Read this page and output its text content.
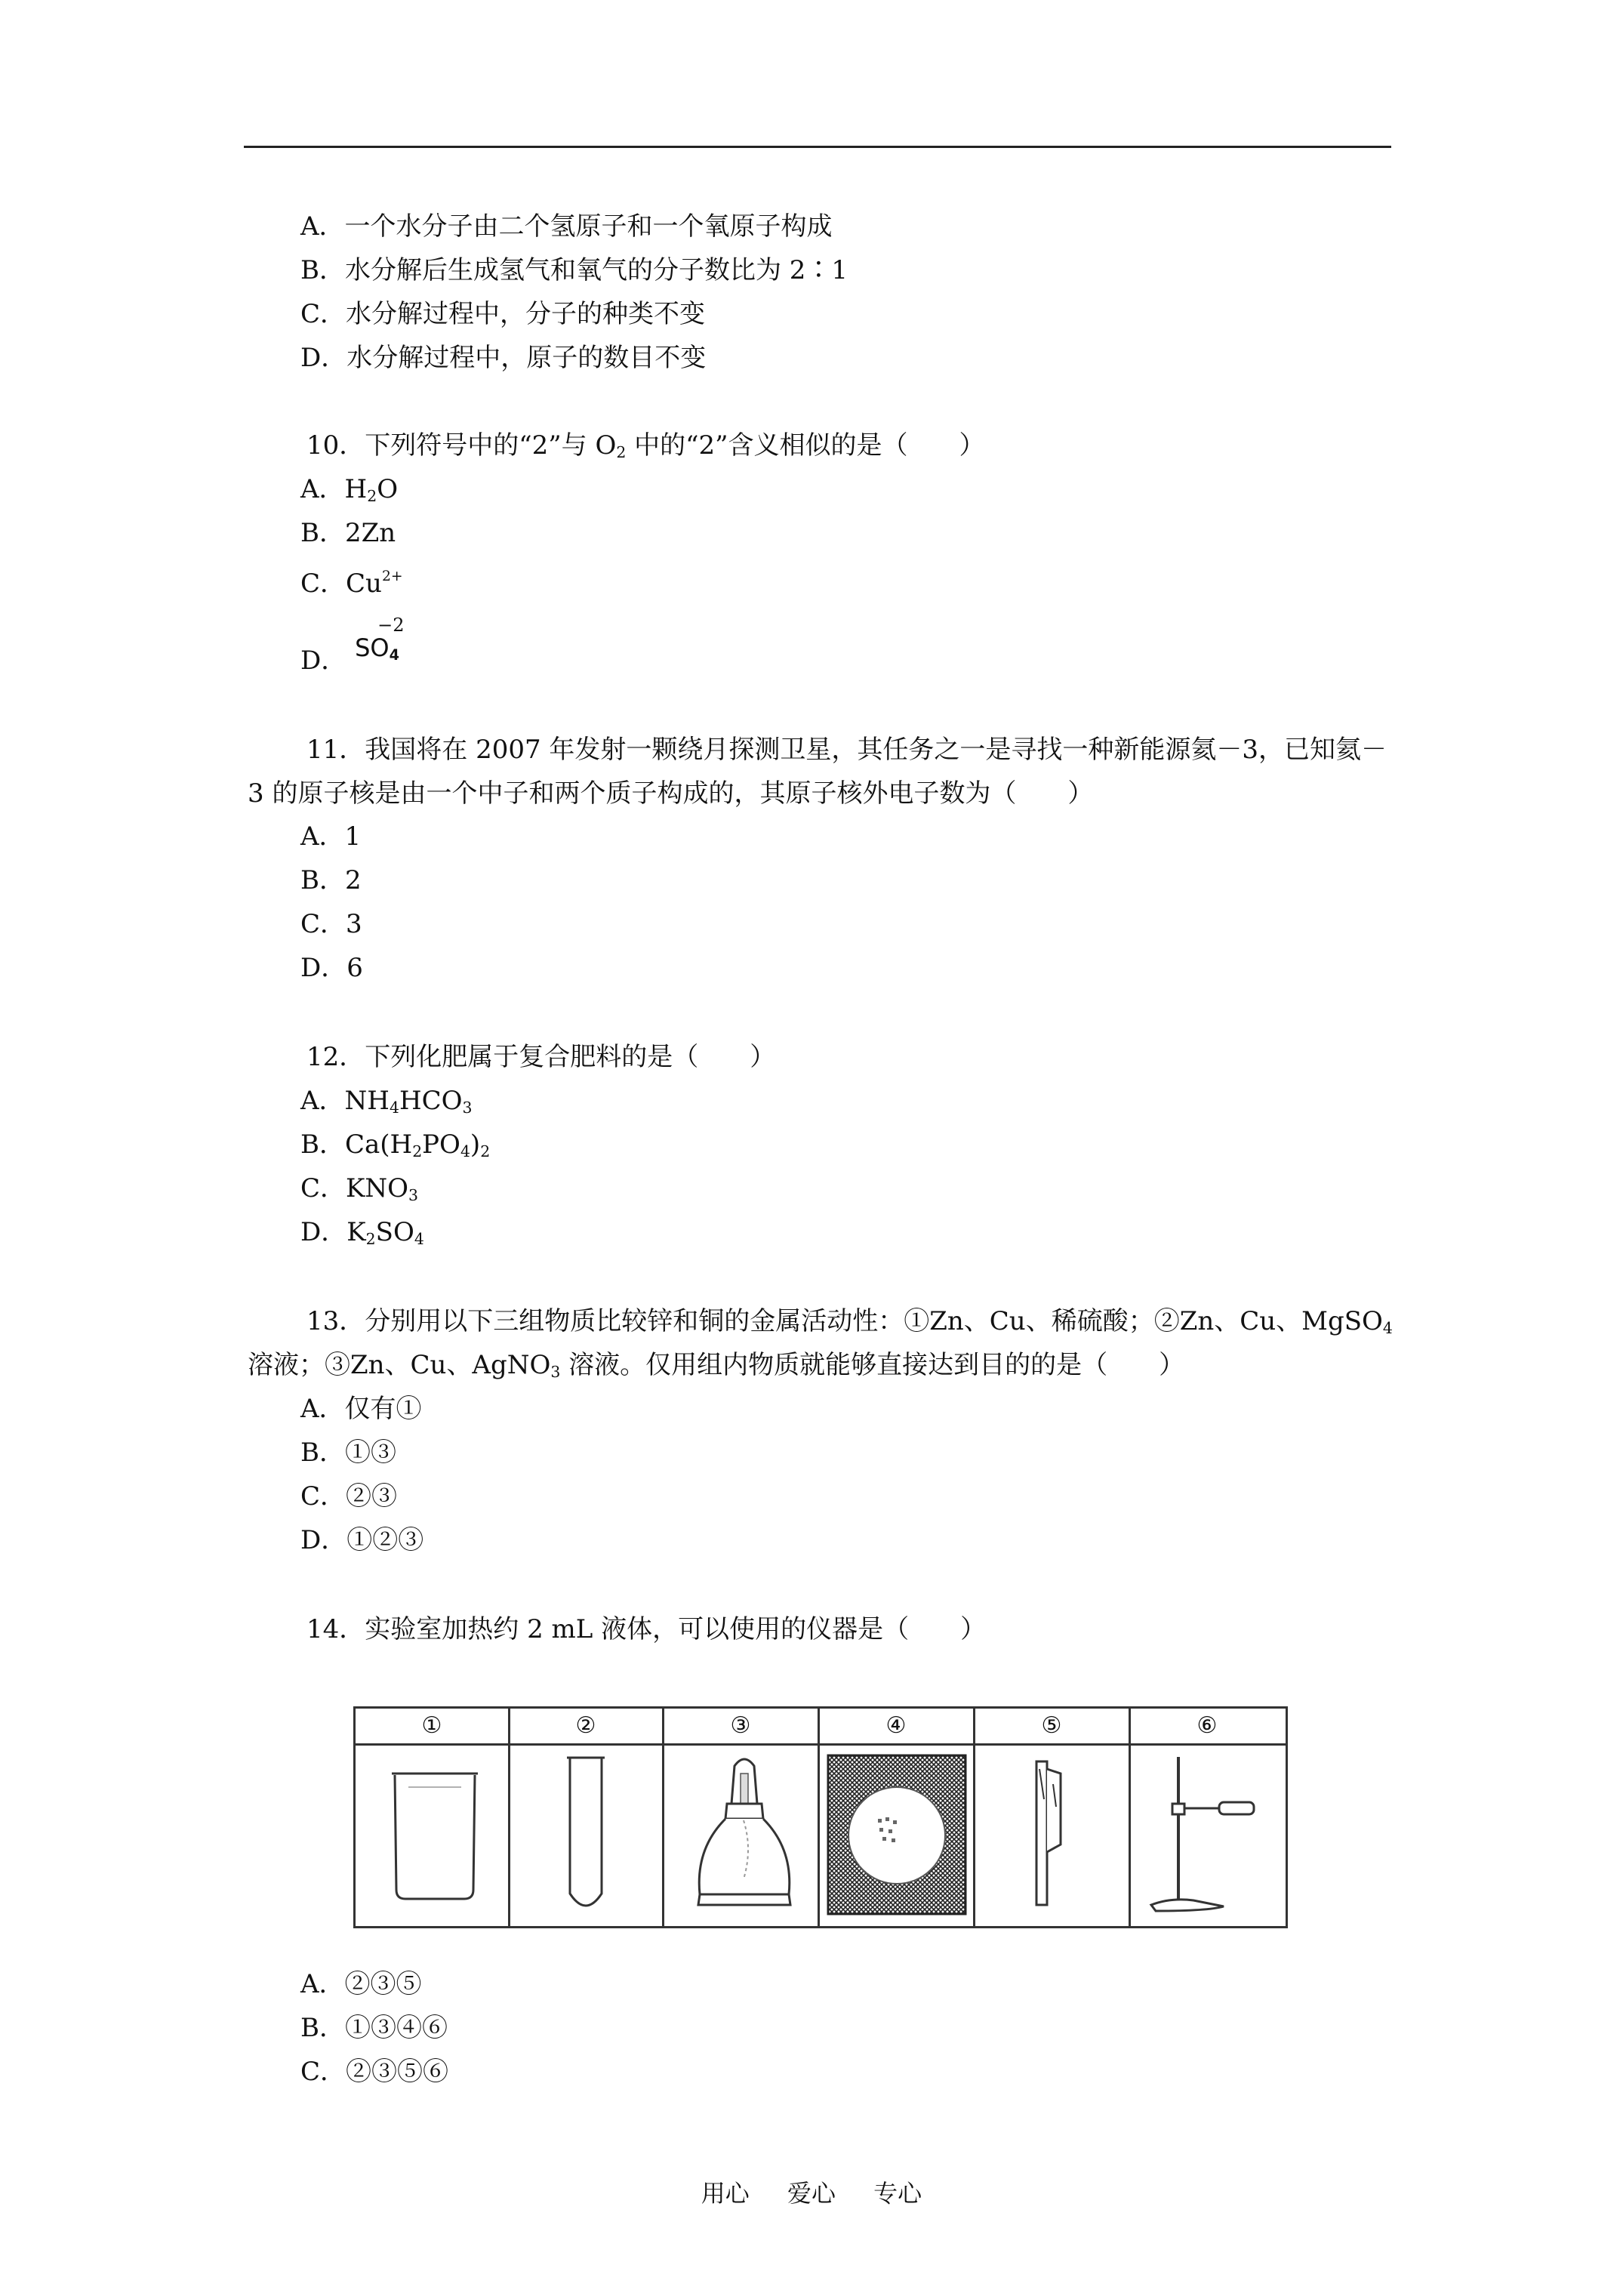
A．一个水分子由二个氢原子和一个氧原子构成
B．水分解后生成氢气和氧气的分子数比为 2∶1
C．水分解过程中，分子的种类不变
D．水分解过程中，原子的数目不变
10．下列符号中的“2”与 $O_2$ 中的“2”含义相似的是（　　）
A．$H_2O$
B．2Zn
C．$Cu^{2+}$
D．
−2
$SO_4$
11．我国将在 2007 年发射一颗绕月探测卫星，其任务之一是寻找一种新能源氦－3，已知氦－3 的原子核是由一个中子和两个质子构成的，其原子核外电子数为（　　）
A．1
B．2
C．3
D．6
12．下列化肥属于复合肥料的是（　　）
A．$NH_4HCO_3$
B．$Ca(H_2PO_4)_2$
C．$KNO_3$
D．$K_2SO_4$
13．分别用以下三组物质比较锌和铜的金属活动性：①Zn、Cu、稀硫酸；②Zn、Cu、MgSO$_4$
溶液；③Zn、Cu、AgNO$_3$ 溶液。仅用组内物质就能够直接达到目的的是（　　）
A．仅有①
B．①③
C．②③
D．①②③
14．实验室加热约 2 mL 液体，可以使用的仪器是（　　）
①	②	③	④	⑤	⑥
A．②③⑤
B．①③④⑥
C．②③⑤⑥
用心 爱心 专心
